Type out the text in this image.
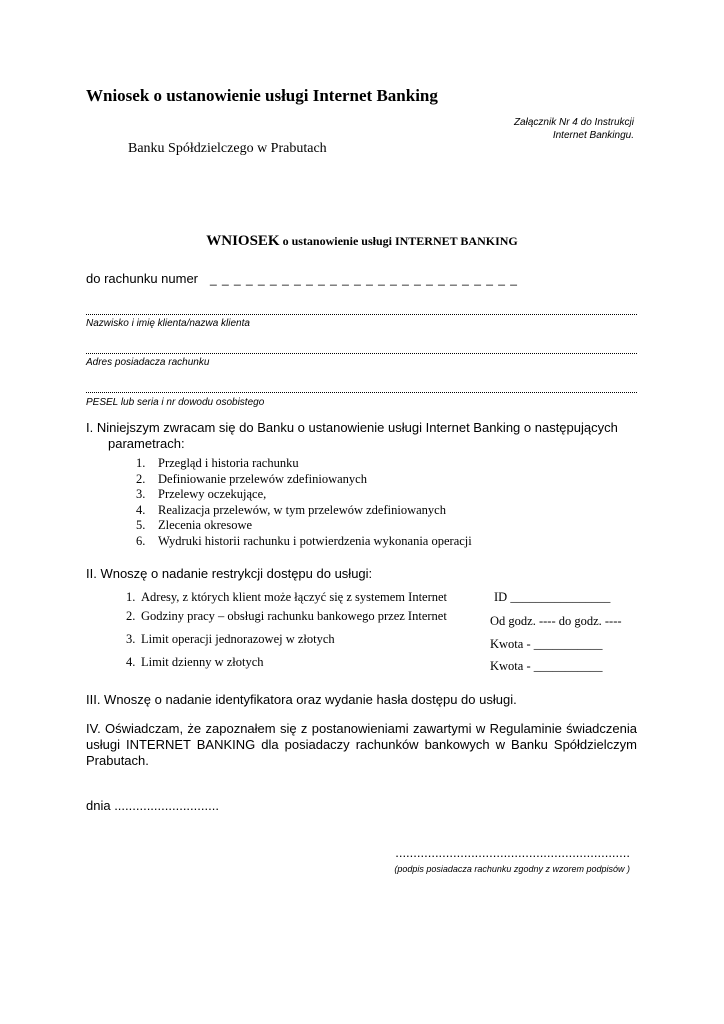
Wniosek o ustanowienie usługi Internet Banking
Załącznik Nr 4 do Instrukcji
Internet Bankingu.
Banku Spółdzielczego w Prabutach
WNIOSEK o ustanowienie usługi INTERNET BANKING
do rachunku numer _ _ _ _ _ _ _ _ _ _ _ _ _ _ _ _ _ _ _ _ _ _ _ _ _ _
Nazwisko i imię klienta/nazwa klienta
Adres posiadacza rachunku
PESEL lub seria i nr dowodu osobistego
I. Niniejszym zwracam się do Banku o ustanowienie usługi Internet Banking o następujących
parametrach:
1. Przegląd i historia rachunku
2. Definiowanie przelewów zdefiniowanych
3. Przelewy oczekujące,
4. Realizacja przelewów, w tym przelewów zdefiniowanych
5. Zlecenia okresowe
6. Wydruki historii rachunku i potwierdzenia wykonania operacji
II. Wnoszę o nadanie restrykcji dostępu do usługi:
1. Adresy, z których klient może łączyć się z systemem Internet	ID ________________
2. Godziny pracy – obsługi rachunku bankowego przez Internet	Od godz. ---- do godz. ----
3. Limit operacji jednorazowej w złotych	Kwota - ___________
4. Limit dzienny w złotych	Kwota - ___________
III. Wnoszę o nadanie identyfikatora oraz wydanie hasła dostępu do usługi.
IV. Oświadczam, że zapoznałem się z postanowieniami zawartymi w Regulaminie świadczenia usługi INTERNET BANKING dla posiadaczy rachunków bankowych w Banku Spółdzielczym Prabutach.
dnia .............................
.................................................................
(podpis posiadacza rachunku zgodny z wzorem podpisów )
